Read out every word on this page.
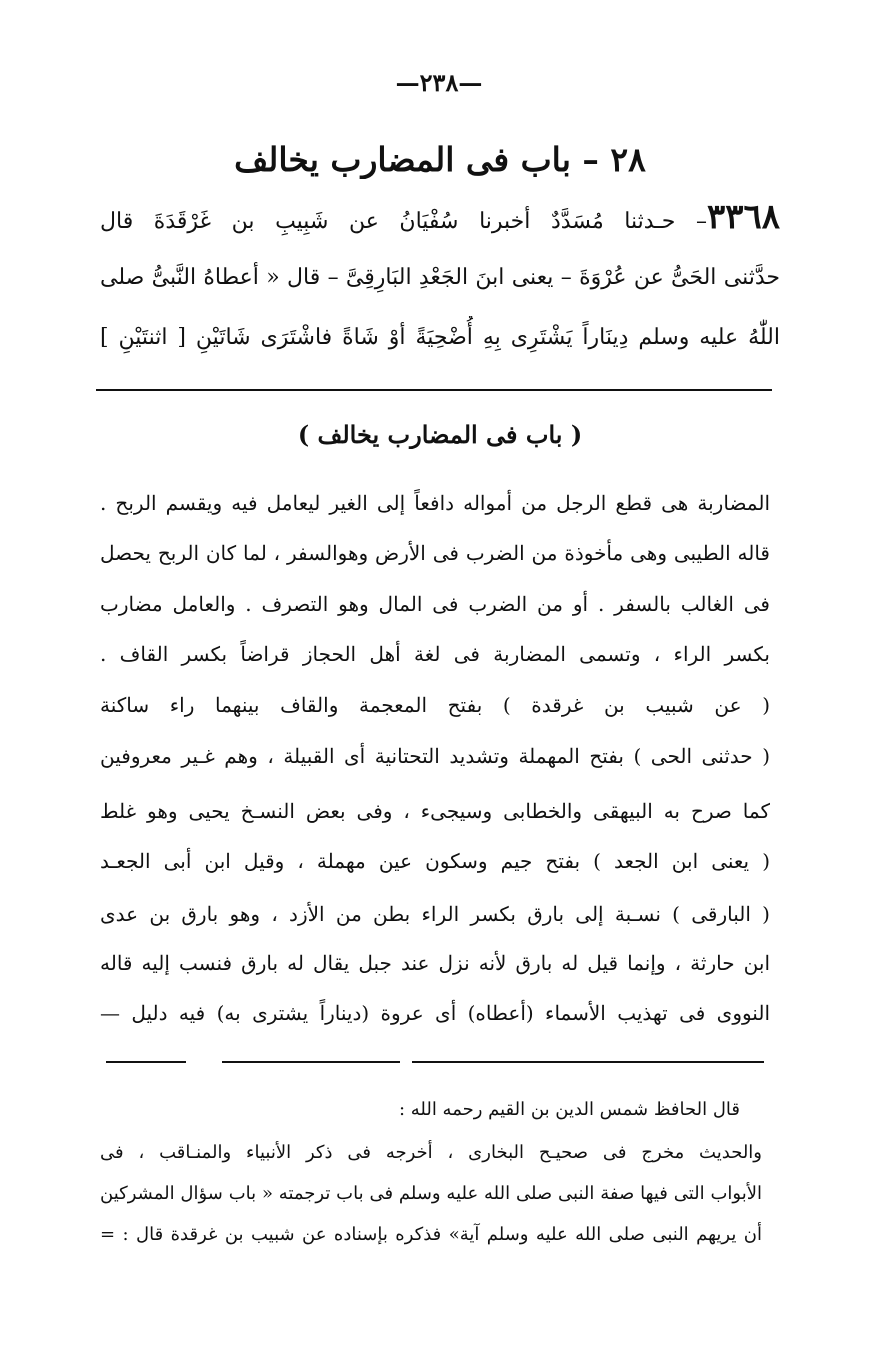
—٢٣٨—
٢٨ – باب فى المضارب يخالف
٣٣٦٨– حـدثنا مُسَدَّدٌ أخبرنا سُفْيَانُ عن شَبِيبِ بن غَرْقَدَةَ قال
حدَّثنى الحَىُّ عن عُرْوَةَ – يعنى ابنَ الجَعْدِ البَارِقِىَّ – قال « أعطاهُ النَّبىُّ صلى
اللّٰهُ عليه وسلم دِينَاراً يَشْتَرِى بِهِ أُضْحِيَةً أوْ شَاةً فاشْتَرَى شَاتَيْنِ [ اثنتَيْنِ ]
( باب فى المضارب يخالف )
المضاربة هى قطع الرجل من أمواله دافعاً إلى الغير ليعامل فيه ويقسم الربح .
قاله الطيبى وهى مأخوذة من الضرب فى الأرض وهوالسفر ، لما كان الربح يحصل
فى الغالب بالسفر . أو من الضرب فى المال وهو التصرف . والعامل مضارب
بكسر الراء ، وتسمى المضاربة فى لغة أهل الحجاز قراضاً بكسر القاف .
( عن شبيب بن غرقدة ) بفتح المعجمة والقاف بينهما راء ساكنة
( حدثنى الحى ) بفتح المهملة وتشديد التحتانية أى القبيلة ، وهم غـير معروفين
كما صرح به البيهقى والخطابى وسيجىء ، وفى بعض النسـخ يحيى وهو غلط
( يعنى ابن الجعد ) بفتح جيم وسكون عين مهملة ، وقيل ابن أبى الجعـد
( البارقى ) نسـبة إلى بارق بكسر الراء بطن من الأزد ، وهو بارق بن عدى
ابن حارثة ، وإنما قيل له بارق لأنه نزل عند جبل يقال له بارق فنسب إليه قاله
النووى فى تهذيب الأسماء (أعطاه) أى عروة (ديناراً يشترى به) فيه دليل —
قال الحافظ شمس الدين بن القيم رحمه الله :
والحديث مخرج فى صحيـح البخارى ، أخرجه فى ذكر الأنبياء والمنـاقب ، فى
الأبواب التى فيها صفة النبى صلى الله عليه وسلم فى باب ترجمته « باب سؤال المشركين
أن يريهم النبى صلى الله عليه وسلم آية» فذكره بإسناده عن شبيب بن غرقدة قال : =
